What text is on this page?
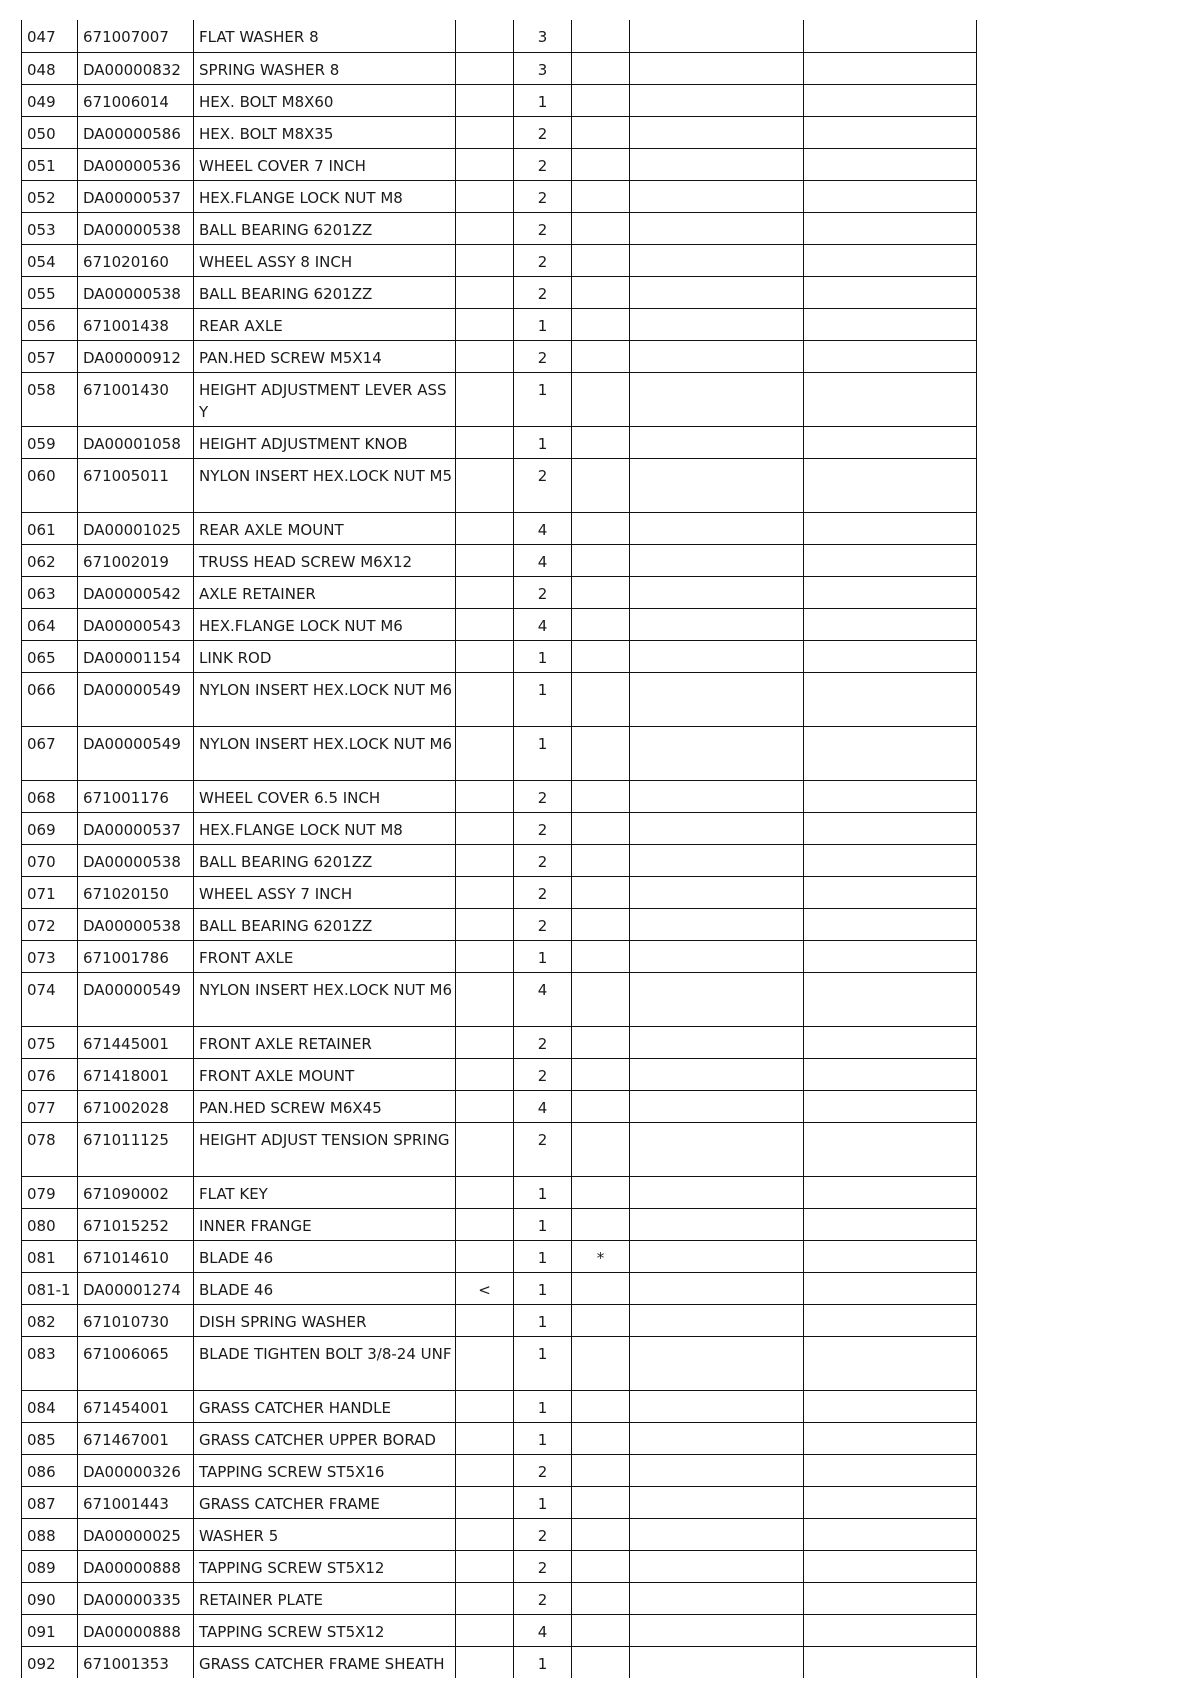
047	671007007	FLAT WASHER 8		3			

048	DA00000832	SPRING WASHER 8		3			

049	671006014	HEX. BOLT M8X60		1			

050	DA00000586	HEX. BOLT M8X35		2			

051	DA00000536	WHEEL COVER 7 INCH		2			

052	DA00000537	HEX.FLANGE LOCK NUT M8		2			

053	DA00000538	BALL BEARING 6201ZZ		2			

054	671020160	WHEEL ASSY 8 INCH		2			

055	DA00000538	BALL BEARING 6201ZZ		2			

056	671001438	REAR AXLE		1			

057	DA00000912	PAN.HED SCREW M5X14		2			

058	671001430	HEIGHT ADJUSTMENT LEVER ASSY		1			

059	DA00001058	HEIGHT ADJUSTMENT KNOB		1			

060	671005011	NYLON INSERT HEX.LOCK NUT M5		2			

061	DA00001025	REAR AXLE MOUNT		4			

062	671002019	TRUSS HEAD SCREW M6X12		4			

063	DA00000542	AXLE RETAINER		2			

064	DA00000543	HEX.FLANGE LOCK NUT M6		4			

065	DA00001154	LINK ROD		1			

066	DA00000549	NYLON INSERT HEX.LOCK NUT M6		1			

067	DA00000549	NYLON INSERT HEX.LOCK NUT M6		1			

068	671001176	WHEEL COVER 6.5 INCH		2			

069	DA00000537	HEX.FLANGE LOCK NUT M8		2			

070	DA00000538	BALL BEARING 6201ZZ		2			

071	671020150	WHEEL ASSY 7 INCH		2			

072	DA00000538	BALL BEARING 6201ZZ		2			

073	671001786	FRONT AXLE		1			

074	DA00000549	NYLON INSERT HEX.LOCK NUT M6		4			

075	671445001	FRONT AXLE RETAINER		2			

076	671418001	FRONT AXLE MOUNT		2			

077	671002028	PAN.HED SCREW M6X45		4			

078	671011125	HEIGHT ADJUST TENSION SPRING		2			

079	671090002	FLAT KEY		1			

080	671015252	INNER FRANGE		1			

081	671014610	BLADE 46		1	*		

081-1	DA00001274	BLADE 46	<	1			

082	671010730	DISH SPRING WASHER		1			

083	671006065	BLADE TIGHTEN BOLT 3/8-24 UNF		1			

084	671454001	GRASS CATCHER HANDLE		1			

085	671467001	GRASS CATCHER UPPER BORAD		1			

086	DA00000326	TAPPING SCREW ST5X16		2			

087	671001443	GRASS CATCHER FRAME		1			

088	DA00000025	WASHER 5		2			

089	DA00000888	TAPPING SCREW ST5X12		2			

090	DA00000335	RETAINER PLATE		2			

091	DA00000888	TAPPING SCREW ST5X12		4			

092	671001353	GRASS CATCHER FRAME SHEATH		1			
